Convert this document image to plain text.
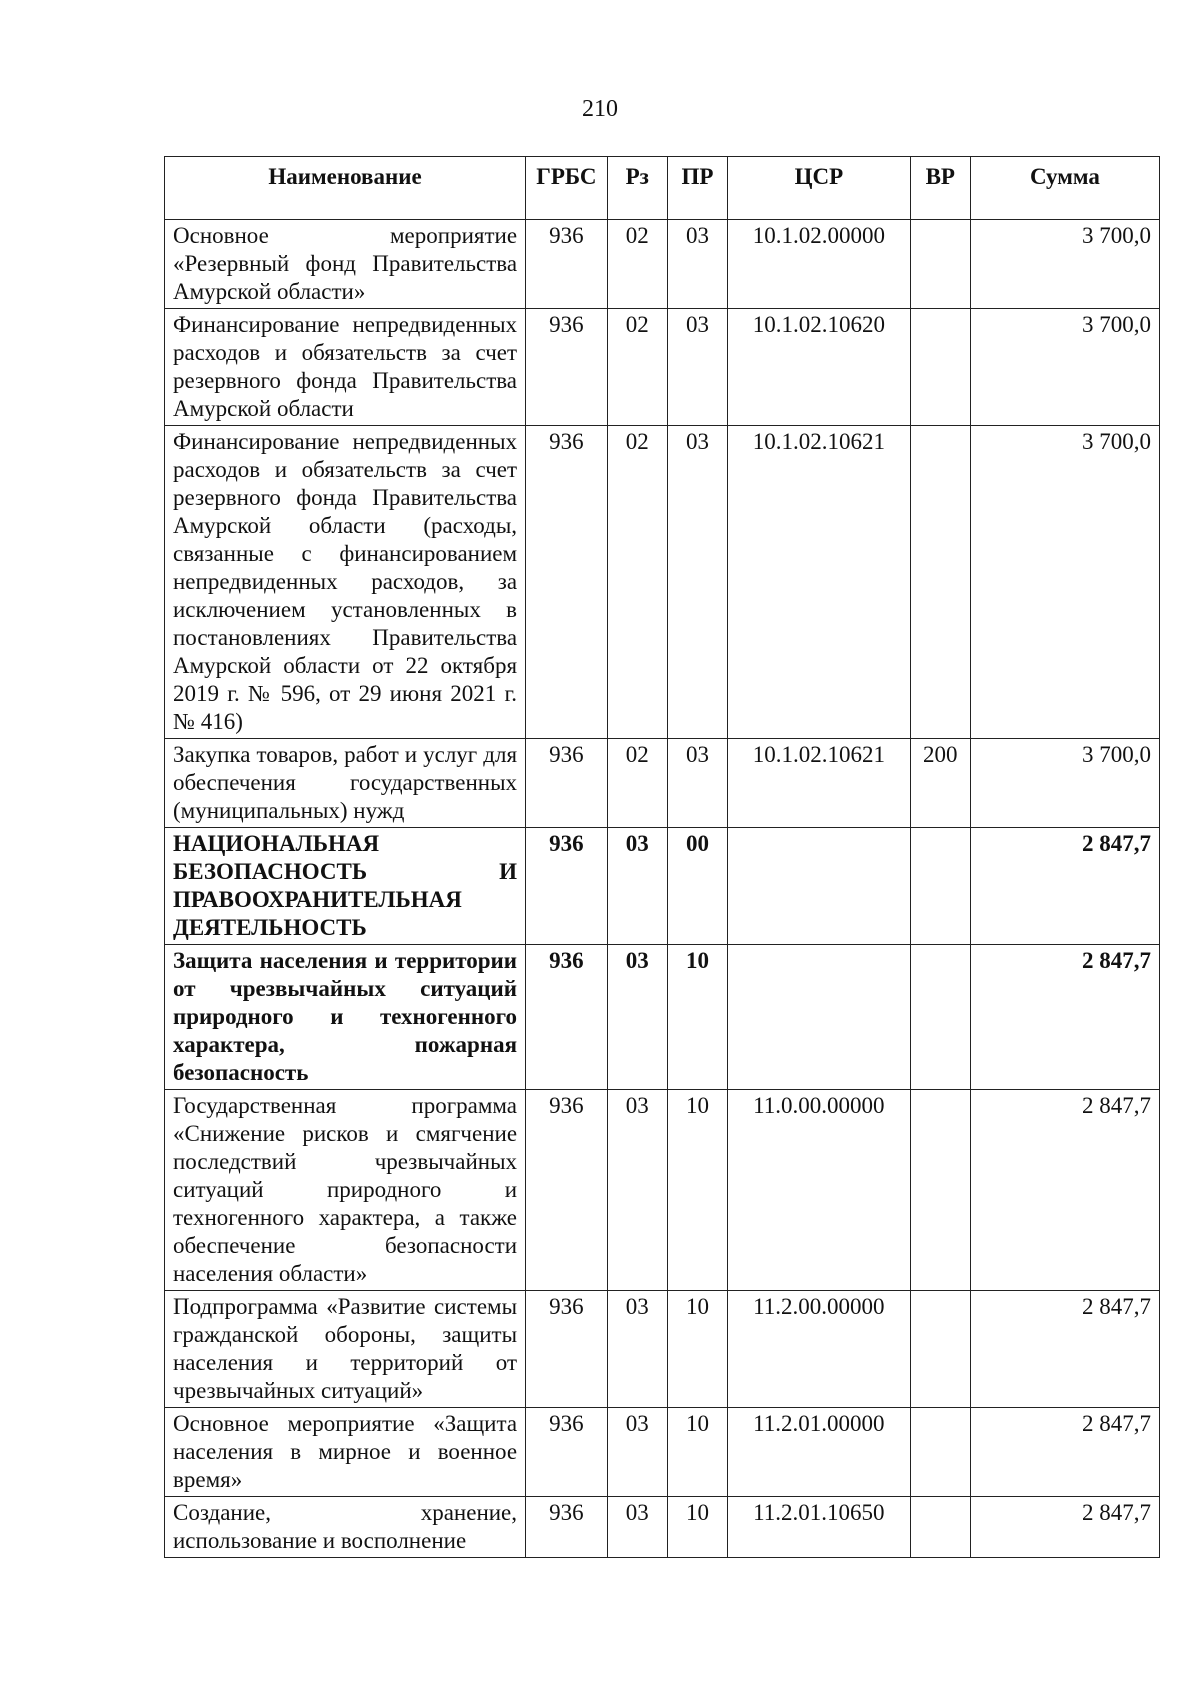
210
Наименование	ГРБС	Рз	ПР	ЦСР	ВР	Сумма
Основное мероприятие «Резервный фонд Правительства Амурской области»	936	02	03	10.1.02.00000		3 700,0
Финансирование непредвиденных расходов и обязательств за счет резервного фонда Правительства Амурской области	936	02	03	10.1.02.10620		3 700,0
Финансирование непредвиденных расходов и обязательств за счет резервного фонда Правительства Амурской области (расходы, связанные с финансированием непредвиденных расходов, за исключением установленных в постановлениях Правительства Амурской области от 22 октября 2019 г. № 596, от 29 июня 2021 г. № 416)	936	02	03	10.1.02.10621		3 700,0
Закупка товаров, работ и услуг для обеспечения государственных (муниципальных) нужд	936	02	03	10.1.02.10621	200	3 700,0
НАЦИОНАЛЬНАЯ БЕЗОПАСНОСТЬ И ПРАВООХРАНИТЕЛЬНАЯ ДЕЯТЕЛЬНОСТЬ	936	03	00			2 847,7
Защита населения и территории от чрезвычайных ситуаций природного и техногенного характера, пожарная безопасность	936	03	10			2 847,7
Государственная программа «Снижение рисков и смягчение последствий чрезвычайных ситуаций природного и техногенного характера, а также обеспечение безопасности населения области»	936	03	10	11.0.00.00000		2 847,7
Подпрограмма «Развитие системы гражданской обороны, защиты населения и территорий от чрезвычайных ситуаций»	936	03	10	11.2.00.00000		2 847,7
Основное мероприятие «Защита населения в мирное и военное время»	936	03	10	11.2.01.00000		2 847,7
Создание, хранение, использование и восполнение	936	03	10	11.2.01.10650		2 847,7
